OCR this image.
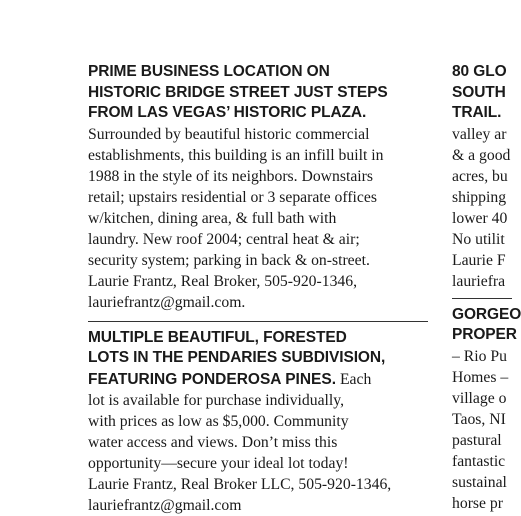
PRIME BUSINESS LOCATION ON
HISTORIC BRIDGE STREET JUST STEPS
FROM LAS VEGAS’ HISTORIC PLAZA.
Surrounded by beautiful historic commercial
establishments, this building is an infill built in
1988 in the style of its neighbors. Downstairs
retail; upstairs residential or 3 separate offices
w/kitchen, dining area, & full bath with
laundry. New roof 2004; central heat & air;
security system; parking in back & on-street.
Laurie Frantz, Real Broker, 505-920-1346,
lauriefrantz@gmail.com.
MULTIPLE BEAUTIFUL, FORESTED
LOTS IN THE PENDARIES SUBDIVISION,
FEATURING PONDEROSA PINES. Each
lot is available for purchase individually,
with prices as low as $5,000. Community
water access and views. Don’t miss this
opportunity—secure your ideal lot today!
Laurie Frantz, Real Broker LLC, 505-920-1346,
lauriefrantz@gmail.com
80 GLO
SOUTH
TRAIL.
valley ar
& a good
acres, bu
shipping
lower 40
No utilit
Laurie F
lauriefra
GORGEO
PROPER
– Rio Pu
Homes –
village o
Taos, NI
pastural
fantastic
sustainal
horse pr
